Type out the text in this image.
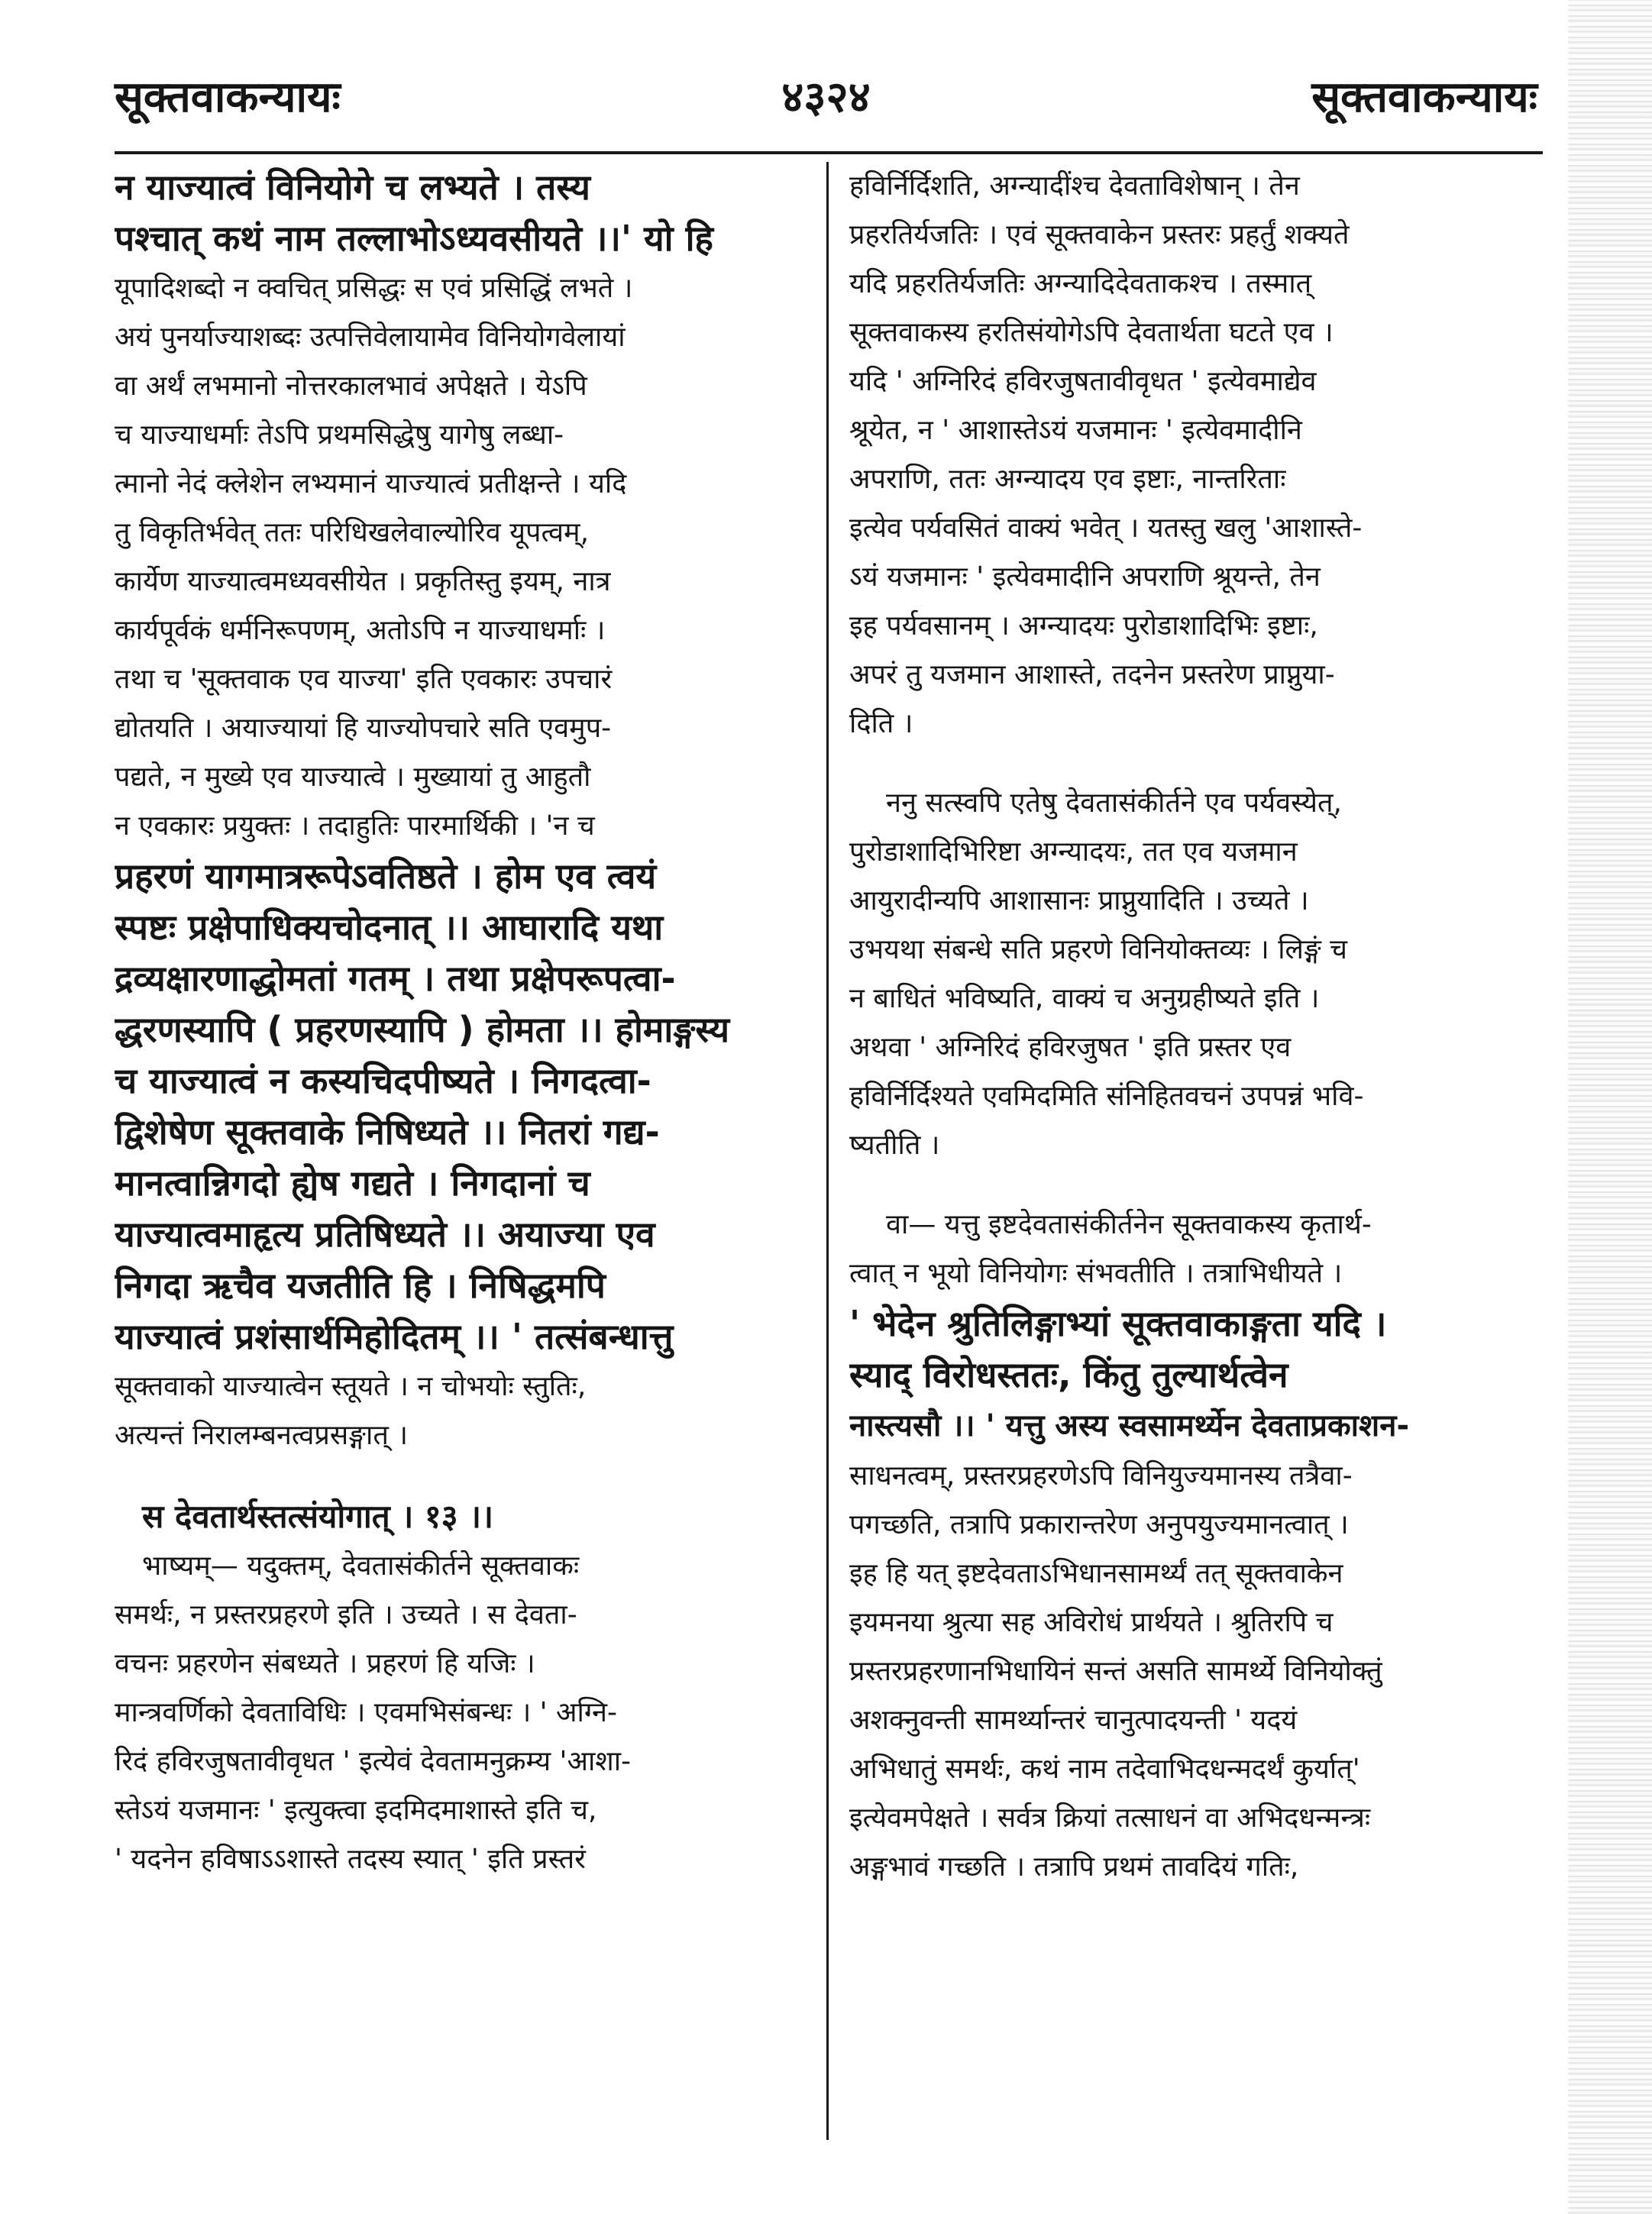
सूक्तवाकन्यायः	४३२४	सूक्तवाकन्यायः

न याज्यात्वं विनियोगे च लभ्यते । तस्य

पश्चात् कथं नाम तल्लाभोऽध्यवसीयते ।।' यो हि

यूपादिशब्दो न क्वचित् प्रसिद्धः स एवं प्रसिद्धिं लभते ।

अयं पुनर्याज्याशब्दः उत्पत्तिवेलायामेव विनियोगवेलायां

वा अर्थं लभमानो नोत्तरकालभावं अपेक्षते । येऽपि

च याज्याधर्माः तेऽपि प्रथमसिद्धेषु यागेषु लब्धा-

त्मानो नेदं क्लेशेन लभ्यमानं याज्यात्वं प्रतीक्षन्ते । यदि

तु विकृतिर्भवेत् ततः परिधिखलेवाल्योरिव यूपत्वम्,

कार्येण याज्यात्वमध्यवसीयेत । प्रकृतिस्तु इयम्, नात्र

कार्यपूर्वकं धर्मनिरूपणम्, अतोऽपि न याज्याधर्माः ।

तथा च 'सूक्तवाक एव याज्या' इति एवकारः उपचारं

द्योतयति । अयाज्यायां हि याज्योपचारे सति एवमुप-

पद्यते, न मुख्ये एव याज्यात्वे । मुख्यायां तु आहुतौ

न एवकारः प्रयुक्तः । तदाहुतिः पारमार्थिकी । 'न च

प्रहरणं यागमात्ररूपेऽवतिष्ठते । होम एव त्वयं

स्पष्टः प्रक्षेपाधिक्यचोदनात् ।। आघारादि यथा

द्रव्यक्षारणाद्धोमतां गतम् । तथा प्रक्षेपरूपत्वा-

द्धरणस्यापि ( प्रहरणस्यापि ) होमता ।। होमाङ्गस्य

च याज्यात्वं न कस्यचिदपीष्यते । निगदत्वा-

द्विशेषेण सूक्तवाके निषिध्यते ।। नितरां गद्य-

मानत्वान्निगदो ह्येष गद्यते । निगदानां च

याज्यात्वमाहृत्य प्रतिषिध्यते ।। अयाज्या एव

निगदा ऋचैव यजतीति हि । निषिद्धमपि

याज्यात्वं प्रशंसार्थमिहोदितम् ।। ' तत्संबन्धात्तु

सूक्तवाको याज्यात्वेन स्तूयते । न चोभयोः स्तुतिः,

अत्यन्तं निरालम्बनत्वप्रसङ्गात् ।

स देवतार्थस्तत्संयोगात् । १३ ।।

भाष्यम्— यदुक्तम्, देवतासंकीर्तने सूक्तवाकः

समर्थः, न प्रस्तरप्रहरणे इति । उच्यते । स देवता-

वचनः प्रहरणेन संबध्यते । प्रहरणं हि यजिः ।

मान्त्रवर्णिको देवताविधिः । एवमभिसंबन्धः । ' अग्नि-

रिदं हविरजुषतावीवृधत ' इत्येवं देवतामनुक्रम्य 'आशा-

स्तेऽयं यजमानः ' इत्युक्त्वा इदमिदमाशास्ते इति च,

' यदनेन हविषाऽऽशास्ते तदस्य स्यात् ' इति प्रस्तरं

हविर्निर्दिशति, अग्न्यादींश्च देवताविशेषान् । तेन

प्रहरतिर्यजतिः । एवं सूक्तवाकेन प्रस्तरः प्रहर्तुं शक्यते

यदि प्रहरतिर्यजतिः अग्न्यादिदेवताकश्च । तस्मात्

सूक्तवाकस्य हरतिसंयोगेऽपि देवतार्थता घटते एव ।

यदि ' अग्निरिदं हविरजुषतावीवृधत ' इत्येवमाद्येव

श्रूयेत, न ' आशास्तेऽयं यजमानः ' इत्येवमादीनि

अपराणि, ततः अग्न्यादय एव इष्टाः, नान्तरिताः

इत्येव पर्यवसितं वाक्यं भवेत् । यतस्तु खलु 'आशास्ते-

ऽयं यजमानः ' इत्येवमादीनि अपराणि श्रूयन्ते, तेन

इह पर्यवसानम् । अग्न्यादयः पुरोडाशादिभिः इष्टाः,

अपरं तु यजमान आशास्ते, तदनेन प्रस्तरेण प्राप्नुया-

दिति ।

ननु सत्स्वपि एतेषु देवतासंकीर्तने एव पर्यवस्येत्,

पुरोडाशादिभिरिष्टा अग्न्यादयः, तत एव यजमान

आयुरादीन्यपि आशासानः प्राप्नुयादिति । उच्यते ।

उभयथा संबन्धे सति प्रहरणे विनियोक्तव्यः । लिङ्गं च

न बाधितं भविष्यति, वाक्यं च अनुग्रहीष्यते इति ।

अथवा ' अग्निरिदं हविरजुषत ' इति प्रस्तर एव

हविर्निर्दिश्यते एवमिदमिति संनिहितवचनं उपपन्नं भवि-

ष्यतीति ।

वा— यत्तु इष्टदेवतासंकीर्तनेन सूक्तवाकस्य कृतार्थ-

त्वात् न भूयो विनियोगः संभवतीति । तत्राभिधीयते ।

' भेदेन श्रुतिलिङ्गाभ्यां सूक्तवाकाङ्गता यदि ।

स्याद् विरोधस्ततः, किंतु तुल्यार्थत्वेन

नास्त्यसौ ।। ' यत्तु अस्य स्वसामर्थ्येन देवताप्रकाशन-

साधनत्वम्, प्रस्तरप्रहरणेऽपि विनियुज्यमानस्य तत्रैवा-

पगच्छति, तत्रापि प्रकारान्तरेण अनुपयुज्यमानत्वात् ।

इह हि यत् इष्टदेवताऽभिधानसामर्थ्यं तत् सूक्तवाकेन

इयमनया श्रुत्या सह अविरोधं प्रार्थयते । श्रुतिरपि च

प्रस्तरप्रहरणानभिधायिनं सन्तं असति सामर्थ्ये विनियोक्तुं

अशक्नुवन्ती सामर्थ्यान्तरं चानुत्पादयन्ती ' यदयं

अभिधातुं समर्थः, कथं नाम तदेवाभिदधन्मदर्थं कुर्यात्'

इत्येवमपेक्षते । सर्वत्र क्रियां तत्साधनं वा अभिदधन्मन्त्रः

अङ्गभावं गच्छति । तत्रापि प्रथमं तावदियं गतिः,
